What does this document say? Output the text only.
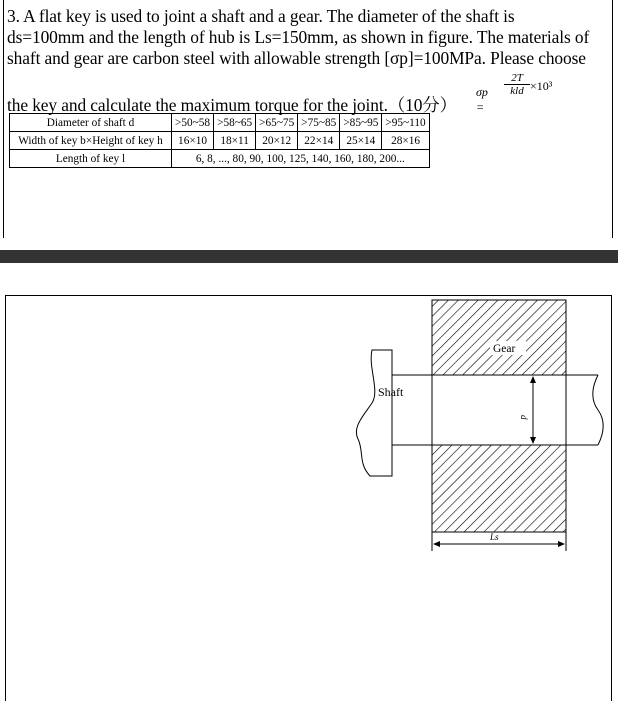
3. A flat key is used to joint a shaft and a gear. The diameter of the shaft is
ds=100mm and the length of hub is Ls=150mm, as shown in figure. The materials of
shaft and gear are carbon steel with allowable strength [σp]=100MPa. Please choose
the key and calculate the maximum torque for the joint.（10分）
σp =
2T
kld ×10³
Diameter of shaft d	>50~58	>58~65	>65~75	>75~85	>85~95	>95~110
Width of key b×Height of key h	16×10	18×11	20×12	22×14	25×14	28×16
Length of key l	6, 8, ..., 80, 90, 100, 125, 140, 160, 180, 200...					
Gear
Shaft
d
Ls
